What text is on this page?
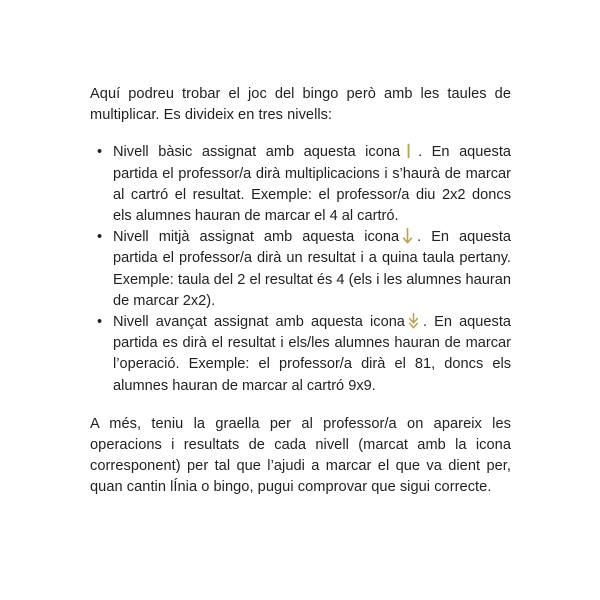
Aquí podreu trobar el joc del bingo però amb les taules de multiplicar. Es divideix en tres nivells:

• Nivell bàsic assignat amb aquesta icona . En aquesta partida el professor/a dirà multiplicacions i s’haurà de marcar al cartró el resultat. Exemple: el professor/a diu 2x2 doncs els alumnes hauran de marcar el 4 al cartró.
• Nivell mitjà assignat amb aquesta icona . En aquesta partida el professor/a dirà un resultat i a quina taula pertany. Exemple: taula del 2 el resultat és 4 (els i les alumnes hauran de marcar 2x2).
• Nivell avançat assignat amb aquesta icona . En aquesta partida es dirà el resultat i els/les alumnes hauran de marcar l’operació. Exemple: el professor/a dirà el 81, doncs els alumnes hauran de marcar al cartró 9x9.

A més, teniu la graella per al professor/a on apareix les operacions i resultats de cada nivell (marcat amb la icona corresponent) per tal que l’ajudi a marcar el que va dient per, quan cantin lÍnia o bingo, pugui comprovar que sigui correcte.
